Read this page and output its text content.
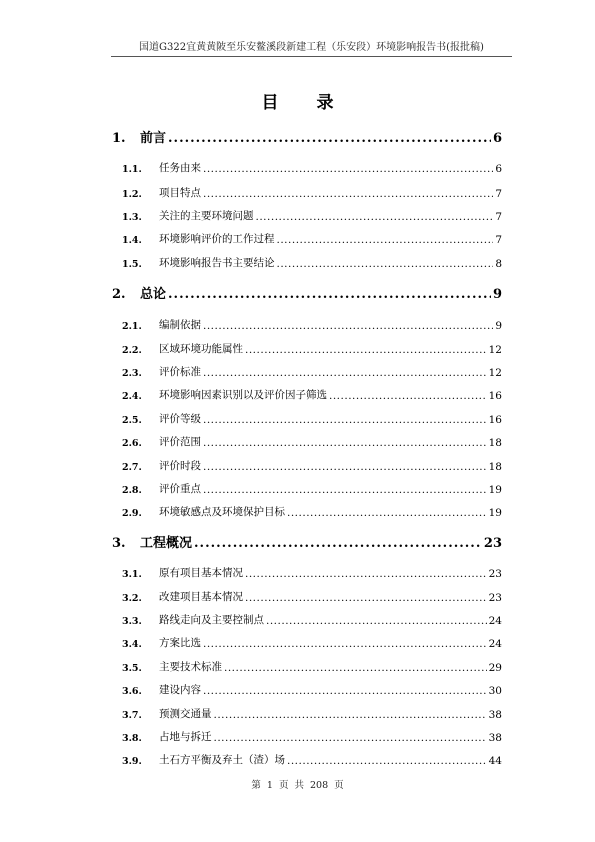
国道G322宜黄黄陂至乐安鳌溪段新建工程（乐安段）环境影响报告书(报批稿)
目 录
1.	前言 .....	6
1.1.	任务由来 .....	6
1.2.	项目特点 .....	7
1.3.	关注的主要环境问题 .....	7
1.4.	环境影响评价的工作过程 .....	7
1.5.	环境影响报告书主要结论 .....	8
2.	总论 .....	9
2.1.	编制依据 .....	9
2.2.	区域环境功能属性 .....	12
2.3.	评价标准 .....	12
2.4.	环境影响因素识别以及评价因子筛选 .....	16
2.5.	评价等级 .....	16
2.6.	评价范围 .....	18
2.7.	评价时段 .....	18
2.8.	评价重点 .....	19
2.9.	环境敏感点及环境保护目标 .....	19
3.	工程概况 .....	23
3.1.	原有项目基本情况 .....	23
3.2.	改建项目基本情况 .....	23
3.3.	路线走向及主要控制点 .....	24
3.4.	方案比选 .....	24
3.5.	主要技术标准 .....	29
3.6.	建设内容 .....	30
3.7.	预测交通量 .....	38
3.8.	占地与拆迁 .....	38
3.9.	土石方平衡及弃土（渣）场 .....	44
第 1 页 共 208 页
